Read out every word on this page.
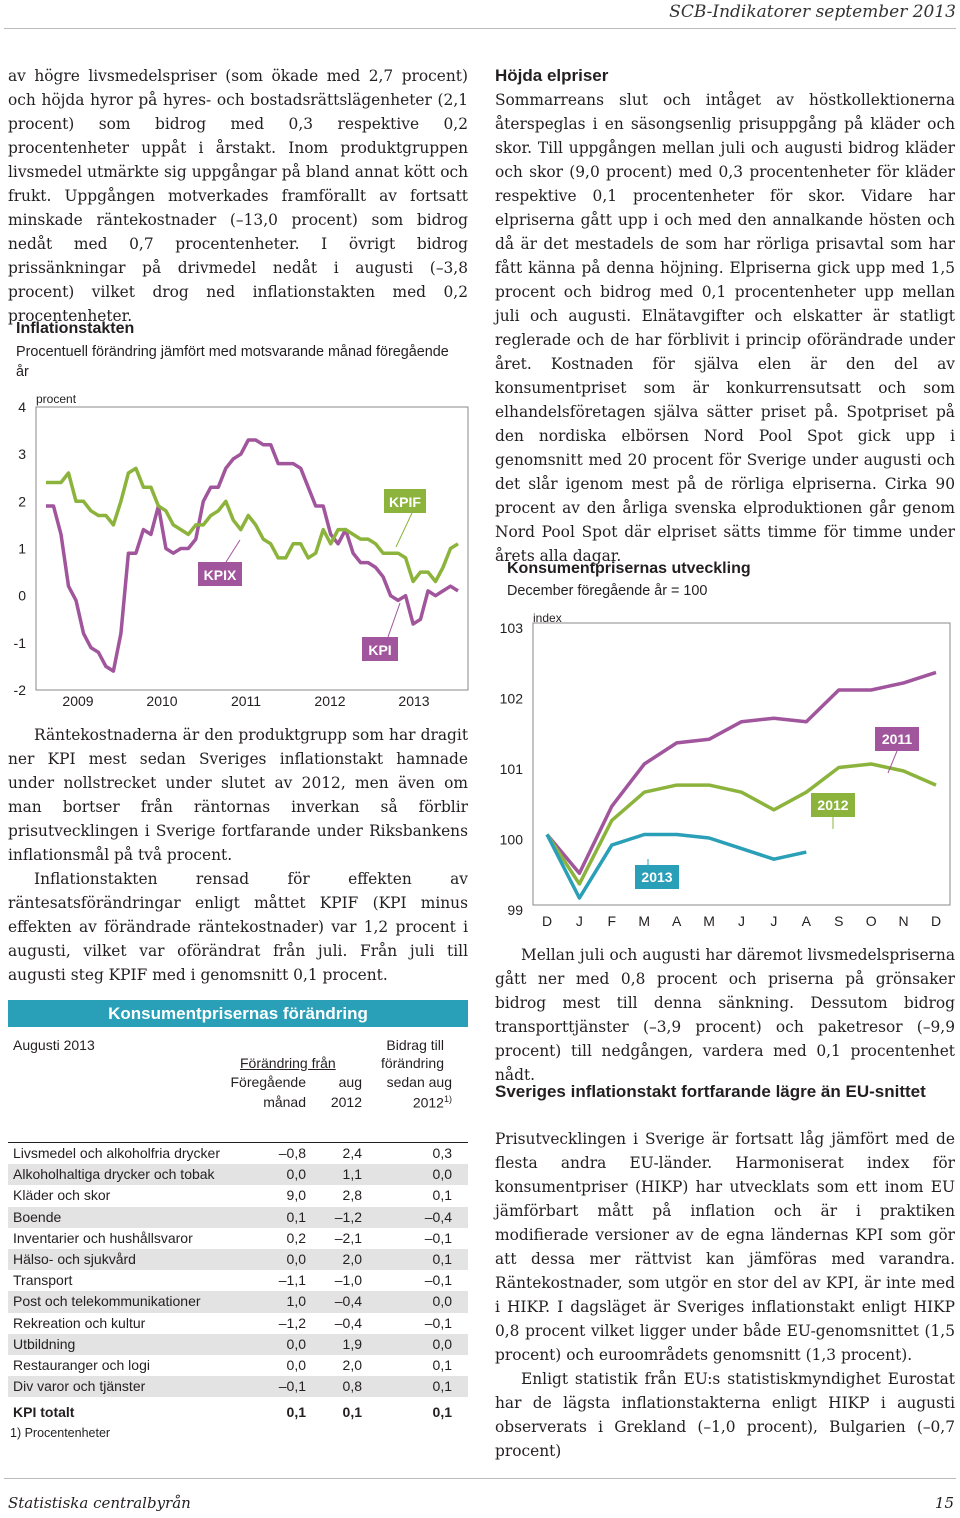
SCB-Indikatorer september 2013

av högre livsmedelspriser (som ökade med 2,7 procent) och höjda hyror på hyres- och bostadsrättslägenheter (2,1 procent) som bidrog med 0,3 respektive 0,2 procentenheter uppåt i årstakt. Inom produktgruppen livsmedel utmärkte sig uppgångar på bland annat kött och frukt. Uppgången motverkades framförallt av fortsatt minskade räntekostnader (–13,0 procent) som bidrog nedåt med 0,7 procentenheter. I övrigt bidrog prissänkningar på drivmedel nedåt i augusti (–3,8 procent) vilket drog ned inflationstakten med 0,2 procentenheter.

Inflationstakten
Procentuell förändring jämfört med motsvarande månad föregående år
procent
4
3
2
1
0
-1
-2
2009	2010	2011	2012	2013
KPIF
KPIX
KPI

Räntekostnaderna är den produktgrupp som har dragit ner KPI mest sedan Sveriges inflationstakt hamnade under nollstrecket under slutet av 2012, men även om man bortser från räntornas inverkan så förblir prisutvecklingen i Sverige fortfarande under Riksbankens inflationsmål på två procent.

Inflationstakten rensad för effekten av räntesatsförändringar enligt måttet KPIF (KPI minus effekten av förändrade räntekostnader) var 1,2 procent i augusti, vilket var oförändrat från juli. Från juli till augusti steg KPIF med i genomsnitt 0,1 procent.

Konsumentprisernas förändring
Augusti 2013
Förändring från
Föregående
månad
aug
2012
Bidrag till
förändring
sedan aug
2012$^{1)}$
Livsmedel och alkoholfria drycker	–0,8	2,4	0,3
Alkoholhaltiga drycker och tobak	0,0	1,1	0,0
Kläder och skor	9,0	2,8	0,1
Boende	0,1 –1,2	–0,4
Inventarier och hushållsvaror	0,2 –2,1	–0,1
Hälso- och sjukvård	0,0	2,0	0,1
Transport	–1,1 –1,0	–0,1
Post och telekommunikationer	1,0 –0,4	0,0
Rekreation och kultur	–1,2 –0,4	–0,1
Utbildning	0,0	1,9	0,0
Restauranger och logi	0,0	2,0	0,1
Div varor och tjänster	–0,1	0,8	0,1
KPI totalt	0,1	0,1	0,1
1) Procentenheter
Höjda elpriser

Sommarreans slut och intåget av höstkollektionerna återspeglas i en säsongsenlig prisuppgång på kläder och skor. Till uppgången mellan juli och augusti bidrog kläder och skor (9,0 procent) med 0,3 procentenheter för kläder respektive 0,1 procentenheter för skor. Vidare har elpriserna gått upp i och med den annalkande hösten och då är det mestadels de som har rörliga prisavtal som har fått känna på denna höjning. Elpriserna gick upp med 1,5 procent och bidrog med 0,1 procentenheter upp mellan juli och augusti. Elnätavgifter och elskatter är statligt reglerade och de har förblivit i princip oförändrade under året. Kostnaden för själva elen är den del av konsumentpriset som är konkurrensutsatt och som elhandelsföretagen själva sätter priset på. Spotpriset på den nordiska elbörsen Nord Pool Spot gick upp i genomsnitt med 20 procent för Sverige under augusti och det slår igenom mest på de rörliga elpriserna. Cirka 90 procent av den årliga svenska elproduktionen går genom Nord Pool Spot där elpriset sätts timme för timme under årets alla dagar.

Konsumentprisernas utveckling
December föregående år = 100
index
103
102
101
100
99
D J F M A M J J A S O N D
2011
2012
2013

Mellan juli och augusti har däremot livsmedelspriserna gått ner med 0,8 procent och priserna på grönsaker bidrog mest till denna sänkning. Dessutom bidrog transporttjänster (–3,9 procent) och paketresor (–9,9 procent) till nedgången, vardera med 0,1 procentenhet nådt.

Sveriges inflationstakt fortfarande lägre än EU-snittet

Prisutvecklingen i Sverige är fortsatt låg jämfört med de flesta andra EU-länder. Harmoniserat index för konsumentpriser (HIKP) har utvecklats som ett inom EU jämförbart mått på inflation och är i praktiken modifierade versioner av de egna ländernas KPI som gör att dessa mer rättvist kan jämföras med varandra. Räntekostnader, som utgör en stor del av KPI, är inte med i HIKP. I dagsläget är Sveriges inflationstakt enligt HIKP 0,8 procent vilket ligger under både EU-genomsnittet (1,5 procent) och euroområdets genomsnitt (1,3 procent).

Enligt statistik från EU:s statistiskmyndighet Eurostat har de lägsta inflationstakterna enligt HIKP i augusti observerats i Grekland (–1,0 procent), Bulgarien (–0,7 procent)

Statistiska centralbyrån	15
